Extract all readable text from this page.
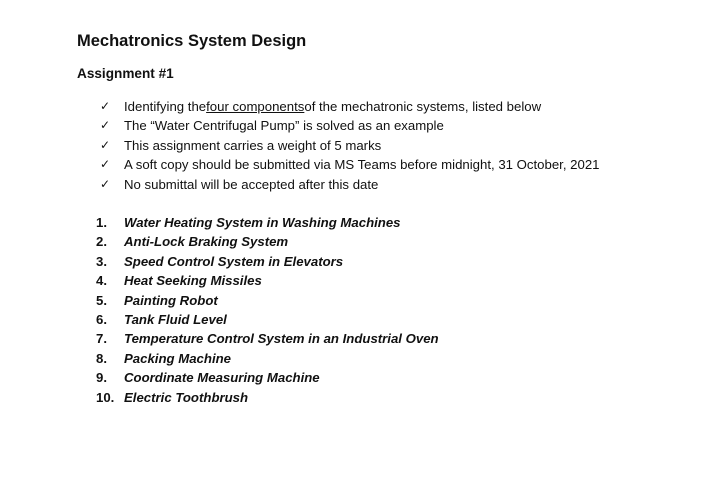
Mechatronics System Design
Assignment #1
✓	Identifying the four components of the mechatronic systems, listed below
✓	The “Water Centrifugal Pump” is solved as an example
✓	This assignment carries a weight of 5 marks
✓	A soft copy should be submitted via MS Teams before midnight, 31 October, 2021
✓	No submittal will be accepted after this date
1.	Water Heating System in Washing Machines
2.	Anti-Lock Braking System
3.	Speed Control System in Elevators
4.	Heat Seeking Missiles
5.	Painting Robot
6.	Tank Fluid Level
7.	Temperature Control System in an Industrial Oven
8.	Packing Machine
9.	Coordinate Measuring Machine
10. Electric Toothbrush
